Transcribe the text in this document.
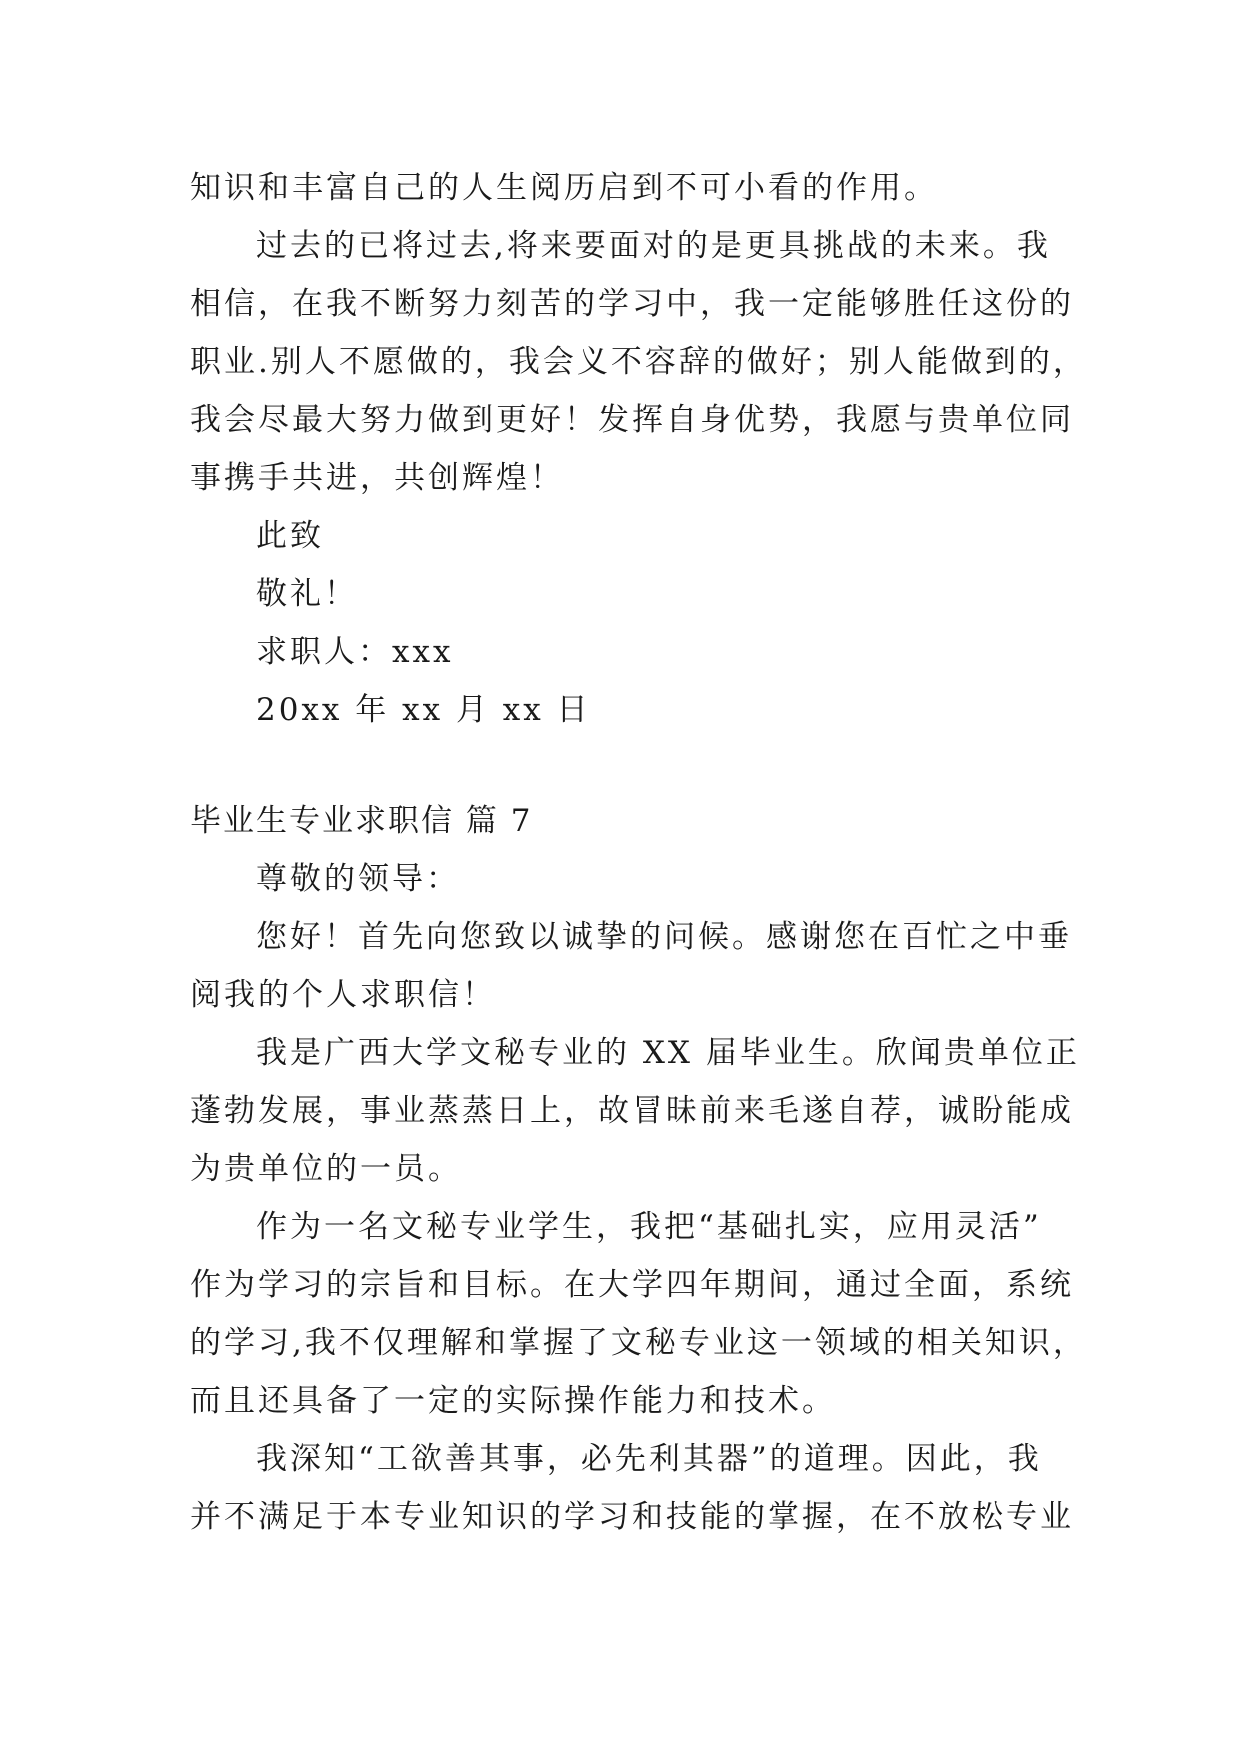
知识和丰富自己的人生阅历启到不可小看的作用。
过去的已将过去,将来要面对的是更具挑战的未来。我
相信，在我不断努力刻苦的学习中，我一定能够胜任这份的
职业.别人不愿做的，我会义不容辞的做好；别人能做到的，
我会尽最大努力做到更好！发挥自身优势，我愿与贵单位同
事携手共进，共创辉煌！
此致
敬礼！
求职人：xxx
20xx 年 xx 月 xx 日
毕业生专业求职信 篇 7
尊敬的领导：
您好！首先向您致以诚挚的问候。感谢您在百忙之中垂
阅我的个人求职信！
我是广西大学文秘专业的 XX 届毕业生。欣闻贵单位正
蓬勃发展，事业蒸蒸日上，故冒昧前来毛遂自荐，诚盼能成
为贵单位的一员。
作为一名文秘专业学生，我把“基础扎实，应用灵活”
作为学习的宗旨和目标。在大学四年期间，通过全面，系统
的学习,我不仅理解和掌握了文秘专业这一领域的相关知识，
而且还具备了一定的实际操作能力和技术。
我深知“工欲善其事，必先利其器”的道理。因此，我
并不满足于本专业知识的学习和技能的掌握，在不放松专业
